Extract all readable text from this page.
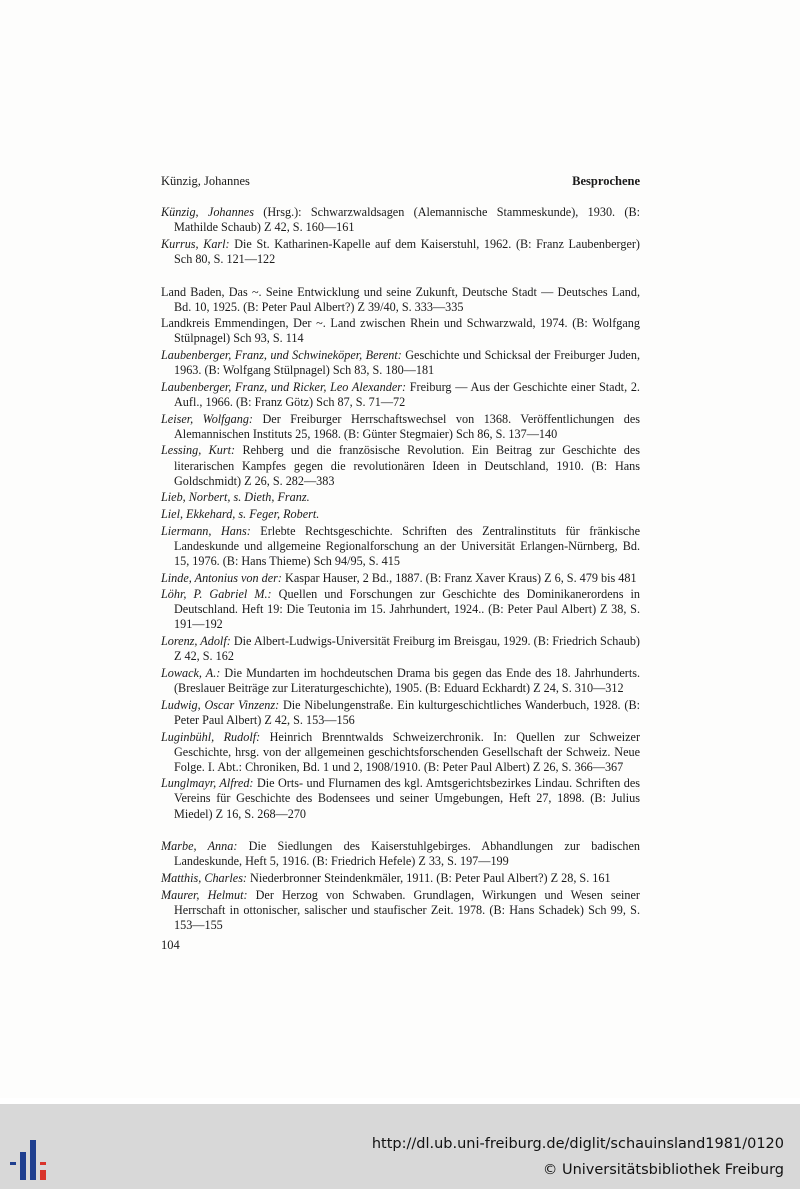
Künzig, Johannes	Besprochene
Künzig, Johannes (Hrsg.): Schwarzwaldsagen (Alemannische Stammeskunde), 1930. (B: Mathilde Schaub) Z 42, S. 160—161
Kurrus, Karl: Die St. Katharinen-Kapelle auf dem Kaiserstuhl, 1962. (B: Franz Laubenberger) Sch 80, S. 121—122
Land Baden, Das ~. Seine Entwicklung und seine Zukunft, Deutsche Stadt — Deutsches Land, Bd. 10, 1925. (B: Peter Paul Albert?) Z 39/40, S. 333—335
Landkreis Emmendingen, Der ~. Land zwischen Rhein und Schwarzwald, 1974. (B: Wolfgang Stülpnagel) Sch 93, S. 114
Laubenberger, Franz, und Schwineköper, Berent: Geschichte und Schicksal der Freiburger Juden, 1963. (B: Wolfgang Stülpnagel) Sch 83, S. 180—181
Laubenberger, Franz, und Ricker, Leo Alexander: Freiburg — Aus der Geschichte einer Stadt, 2. Aufl., 1966. (B: Franz Götz) Sch 87, S. 71—72
Leiser, Wolfgang: Der Freiburger Herrschaftswechsel von 1368. Veröffentlichungen des Alemannischen Instituts 25, 1968. (B: Günter Stegmaier) Sch 86, S. 137—140
Lessing, Kurt: Rehberg und die französische Revolution. Ein Beitrag zur Geschichte des literarischen Kampfes gegen die revolutionären Ideen in Deutschland, 1910. (B: Hans Goldschmidt) Z 26, S. 282—383
Lieb, Norbert, s. Dieth, Franz.
Liel, Ekkehard, s. Feger, Robert.
Liermann, Hans: Erlebte Rechtsgeschichte. Schriften des Zentralinstituts für fränkische Landeskunde und allgemeine Regionalforschung an der Universität Erlangen-Nürnberg, Bd. 15, 1976. (B: Hans Thieme) Sch 94/95, S. 415
Linde, Antonius von der: Kaspar Hauser, 2 Bd., 1887. (B: Franz Xaver Kraus) Z 6, S. 479 bis 481
Löhr, P. Gabriel M.: Quellen und Forschungen zur Geschichte des Dominikanerordens in Deutschland. Heft 19: Die Teutonia im 15. Jahrhundert, 1924.. (B: Peter Paul Albert) Z 38, S. 191—192
Lorenz, Adolf: Die Albert-Ludwigs-Universität Freiburg im Breisgau, 1929. (B: Friedrich Schaub) Z 42, S. 162
Lowack, A.: Die Mundarten im hochdeutschen Drama bis gegen das Ende des 18. Jahrhunderts. (Breslauer Beiträge zur Literaturgeschichte), 1905. (B: Eduard Eckhardt) Z 24, S. 310—312
Ludwig, Oscar Vinzenz: Die Nibelungenstraße. Ein kulturgeschichtliches Wanderbuch, 1928. (B: Peter Paul Albert) Z 42, S. 153—156
Luginbühl, Rudolf: Heinrich Brenntwalds Schweizerchronik. In: Quellen zur Schweizer Geschichte, hrsg. von der allgemeinen geschichtsforschenden Gesellschaft der Schweiz. Neue Folge. I. Abt.: Chroniken, Bd. 1 und 2, 1908/1910. (B: Peter Paul Albert) Z 26, S. 366—367
Lunglmayr, Alfred: Die Orts- und Flurnamen des kgl. Amtsgerichtsbezirkes Lindau. Schriften des Vereins für Geschichte des Bodensees und seiner Umgebungen, Heft 27, 1898. (B: Julius Miedel) Z 16, S. 268—270
Marbe, Anna: Die Siedlungen des Kaiserstuhlgebirges. Abhandlungen zur badischen Landeskunde, Heft 5, 1916. (B: Friedrich Hefele) Z 33, S. 197—199
Matthis, Charles: Niederbronner Steindenkmäler, 1911. (B: Peter Paul Albert?) Z 28, S. 161
Maurer, Helmut: Der Herzog von Schwaben. Grundlagen, Wirkungen und Wesen seiner Herrschaft in ottonischer, salischer und staufischer Zeit. 1978. (B: Hans Schadek) Sch 99, S. 153—155
104
http://dl.ub.uni-freiburg.de/diglit/schauinsland1981/0120
© Universitätsbibliothek Freiburg
